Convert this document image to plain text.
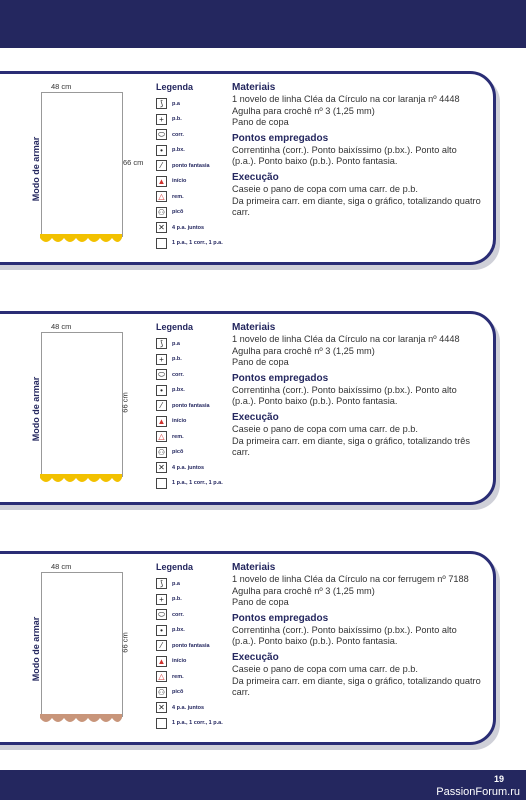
48 cm
66 cm
Modo de armar
Legenda
⟆	p.a
+	p.b.
⬭	corr.
•	p.bx.
⁄	ponto fantasia
▲ início
△	rem.
⚇	picô
✕	4 p.a. juntos
1 p.a., 1 corr., 1 p.a.
Materiais

1 novelo de linha Cléa da Círculo na cor laranja nº 4448
Agulha para crochê nº 3 (1,25 mm)
Pano de copa

Pontos empregados

Correntinha (corr.). Ponto baixíssimo (p.bx.). Ponto alto (p.a.). Ponto baixo (p.b.). Ponto fantasia.

Execução

Caseie o pano de copa com uma carr. de p.b.
Da primeira carr. em diante, siga o gráfico, totalizando quatro carr.

48 cm
66 cm
Modo de armar
Legenda
⟆	p.a
+	p.b.
⬭	corr.
•	p.bx.
⁄	ponto fantasia
▲ início
△	rem.
⚇	picô
✕	4 p.a. juntos
1 p.a., 1 corr., 1 p.a.
Materiais

1 novelo de linha Cléa da Círculo na cor laranja nº 4448
Agulha para crochê nº 3 (1,25 mm)
Pano de copa

Pontos empregados

Correntinha (corr.). Ponto baixíssimo (p.bx.). Ponto alto (p.a.). Ponto baixo (p.b.). Ponto fantasia.

Execução

Caseie o pano de copa com uma carr. de p.b.
Da primeira carr. em diante, siga o gráfico, totalizando três carr.

48 cm
66 cm
Modo de armar
Legenda
⟆	p.a
+	p.b.
⬭	corr.
•	p.bx.
⁄	ponto fantasia
▲ início
△	rem.
⚇	picô
✕	4 p.a. juntos
1 p.a., 1 corr., 1 p.a.
Materiais

1 novelo de linha Cléa da Círculo na cor ferrugem nº 7188
Agulha para crochê nº 3 (1,25 mm)
Pano de copa

Pontos empregados

Correntinha (corr.). Ponto baixíssimo (p.bx.). Ponto alto (p.a.). Ponto baixo (p.b.). Ponto fantasia.

Execução

Caseie o pano de copa com uma carr. de p.b.
Da primeira carr. em diante, siga o gráfico, totalizando quatro carr.

19
PassionForum.ru
